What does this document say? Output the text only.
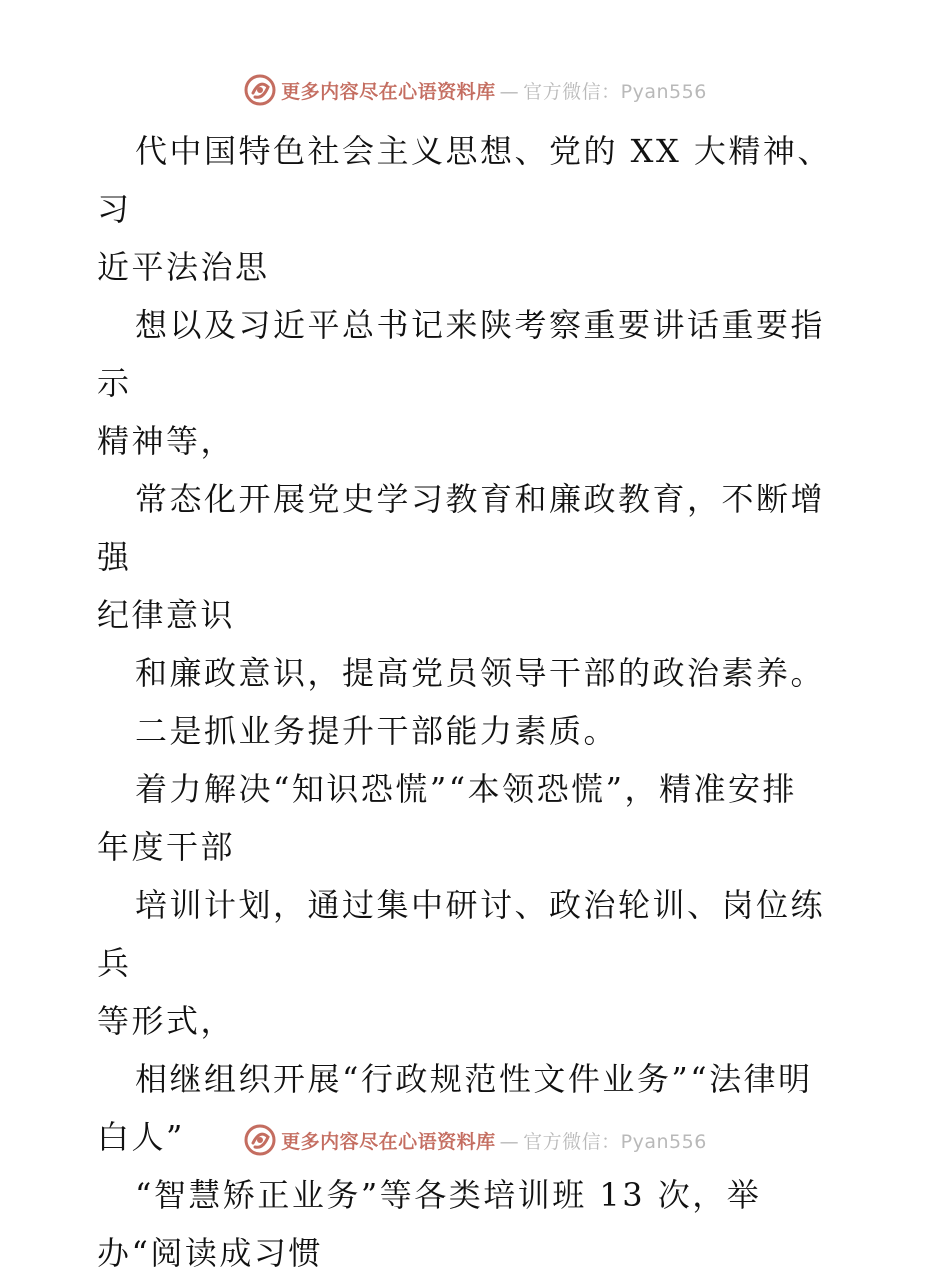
更多内容尽在心语资料库 — 官方微信：Pyan556

代中国特色社会主义思想、党的 XX 大精神、习
近平法治思

想以及习近平总书记来陕考察重要讲话重要指示
精神等，

常态化开展党史学习教育和廉政教育，不断增强
纪律意识

和廉政意识，提高党员领导干部的政治素养。

二是抓业务提升干部能力素质。

着力解决“知识恐慌”“本领恐慌”，精准安排
年度干部

培训计划，通过集中研讨、政治轮训、岗位练兵
等形式，

相继组织开展“行政规范性文件业务”“法律明
白人”

“智慧矫正业务”等各类培训班 13 次，举
办“阅读成习惯

更多内容尽在心语资料库 — 官方微信：Pyan556
